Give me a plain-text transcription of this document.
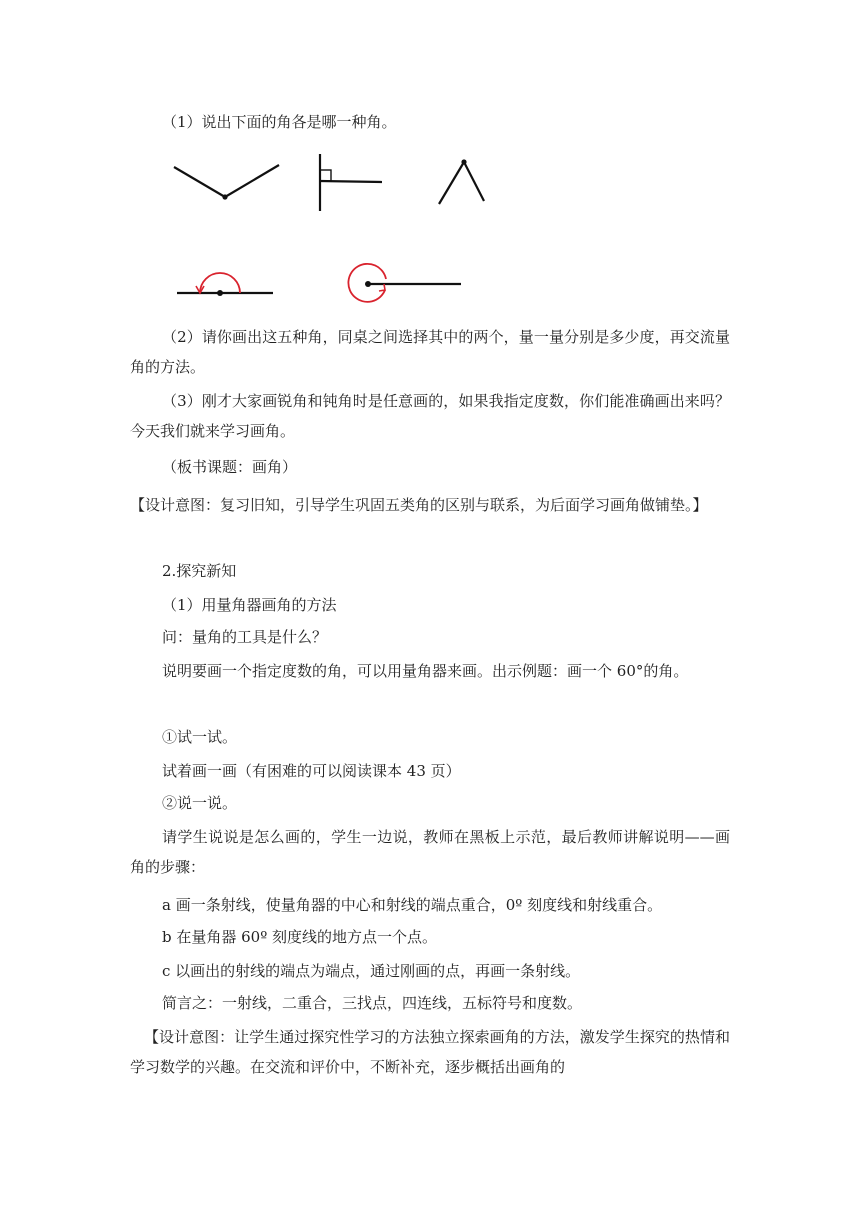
（1）说出下面的角各是哪一种角。

（2）请你画出这五种角，同桌之间选择其中的两个，量一量分别是多少度，再交流量角的方法。

（3）刚才大家画锐角和钝角时是任意画的，如果我指定度数，你们能准确画出来吗？今天我们就来学习画角。

（板书课题：画角）

【设计意图：复习旧知，引导学生巩固五类角的区别与联系，为后面学习画角做铺垫。】

2.探究新知

（1）用量角器画角的方法

问：量角的工具是什么？

说明要画一个指定度数的角，可以用量角器来画。出示例题：画一个 60°的角。

①试一试。

试着画一画（有困难的可以阅读课本 43 页）

②说一说。

请学生说说是怎么画的，学生一边说，教师在黑板上示范，最后教师讲解说明——画角的步骤：

a 画一条射线，使量角器的中心和射线的端点重合，0º 刻度线和射线重合。

b 在量角器 60º 刻度线的地方点一个点。

c 以画出的射线的端点为端点，通过刚画的点，再画一条射线。

简言之：一射线，二重合，三找点，四连线，五标符号和度数。

【设计意图：让学生通过探究性学习的方法独立探索画角的方法，激发学生探究的热情和学习数学的兴趣。在交流和评价中，不断补充，逐步概括出画角的
